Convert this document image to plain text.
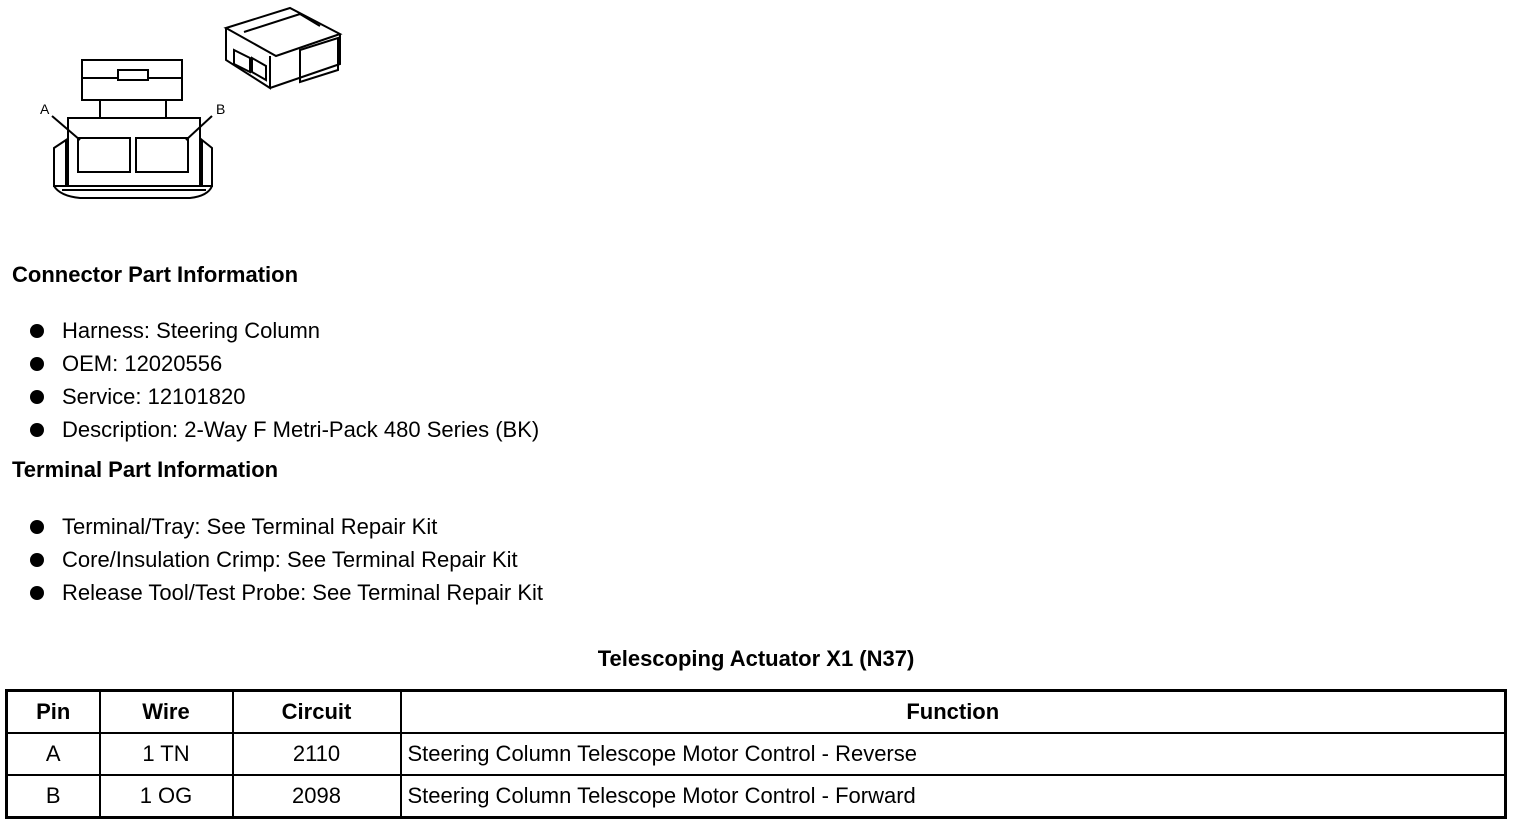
A	B
Connector Part Information
Harness: Steering Column
OEM: 12020556
Service: 12101820
Description: 2-Way F Metri-Pack 480 Series (BK)
Terminal Part Information
Terminal/Tray: See Terminal Repair Kit
Core/Insulation Crimp: See Terminal Repair Kit
Release Tool/Test Probe: See Terminal Repair Kit
Telescoping Actuator X1 (N37)
Pin	Wire	Circuit	Function
A	1 TN	2110	Steering Column Telescope Motor Control - Reverse
B	1 OG	2098	Steering Column Telescope Motor Control - Forward
